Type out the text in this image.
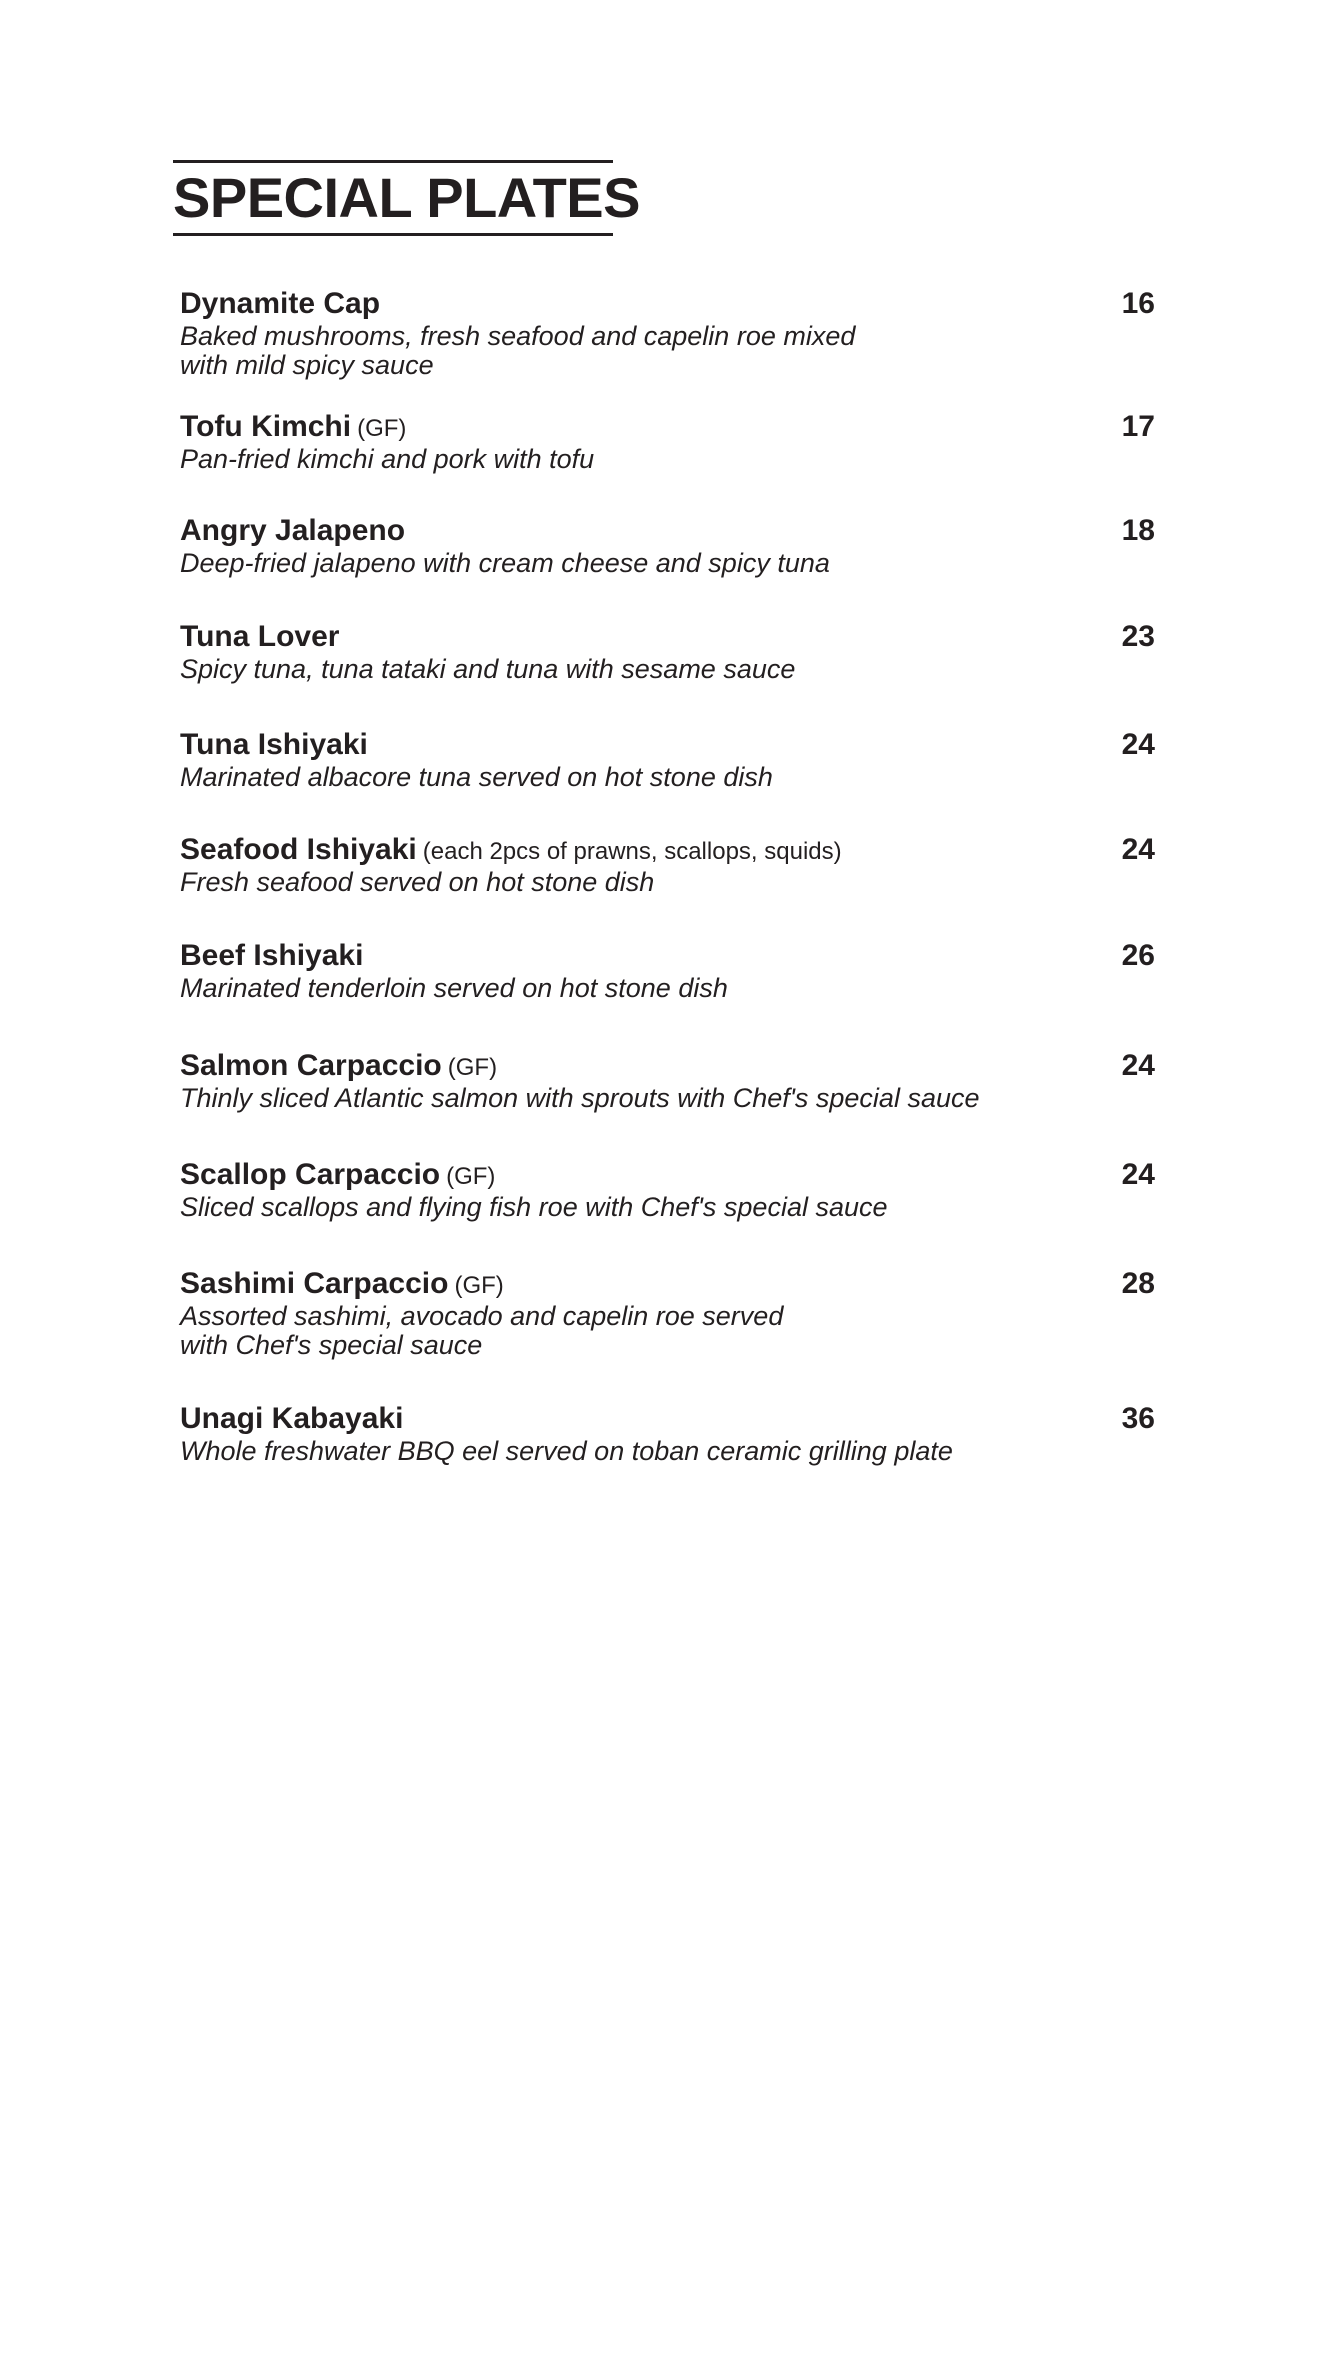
SPECIAL PLATES
Dynamite Cap	16
Baked mushrooms, fresh seafood and capelin roe mixed
with mild spicy sauce
Tofu Kimchi (GF)	17
Pan-fried kimchi and pork with tofu
Angry Jalapeno	18
Deep-fried jalapeno with cream cheese and spicy tuna
Tuna Lover	23
Spicy tuna, tuna tataki and tuna with sesame sauce
Tuna Ishiyaki	24
Marinated albacore tuna served on hot stone dish
Seafood Ishiyaki (each 2pcs of prawns, scallops, squids)	24
Fresh seafood served on hot stone dish
Beef Ishiyaki	26
Marinated tenderloin served on hot stone dish
Salmon Carpaccio (GF)	24
Thinly sliced Atlantic salmon with sprouts with Chef's special sauce
Scallop Carpaccio (GF)	24
Sliced scallops and flying fish roe with Chef's special sauce
Sashimi Carpaccio (GF)	28
Assorted sashimi, avocado and capelin roe served
with Chef's special sauce
Unagi Kabayaki	36
Whole freshwater BBQ eel served on toban ceramic grilling plate
